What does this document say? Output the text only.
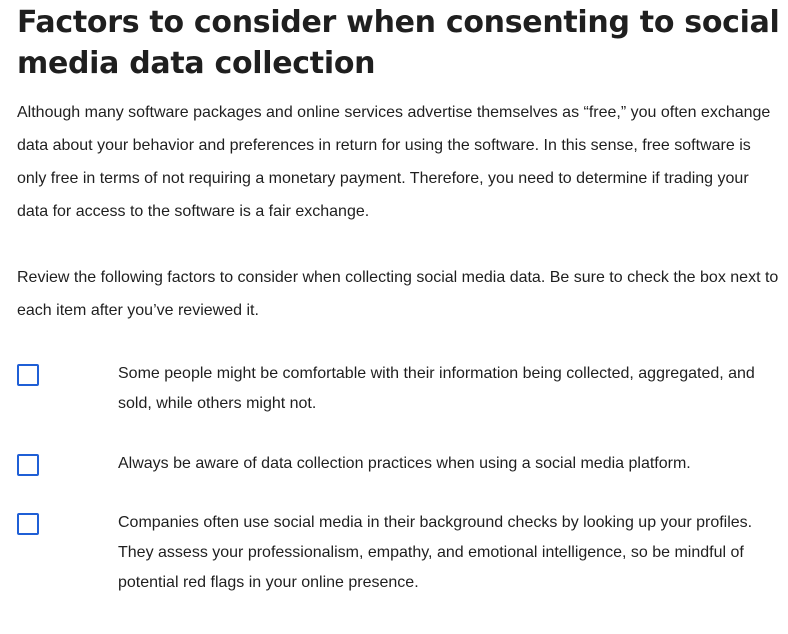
Factors to consider when consenting to social media data collection

Although many software packages and online services advertise themselves as “free,” you often exchange data about your behavior and preferences in return for using the software. In this sense, free software is only free in terms of not requiring a monetary payment. Therefore, you need to determine if trading your data for access to the software is a fair exchange.

Review the following factors to consider when collecting social media data. Be sure to check the box next to each item after you’ve reviewed it.

Some people might be comfortable with their information being collected, aggregated, and sold, while others might not.
Always be aware of data collection practices when using a social media platform.
Companies often use social media in their background checks by looking up your profiles. They assess your professionalism, empathy, and emotional intelligence, so be mindful of potential red flags in your online presence.
